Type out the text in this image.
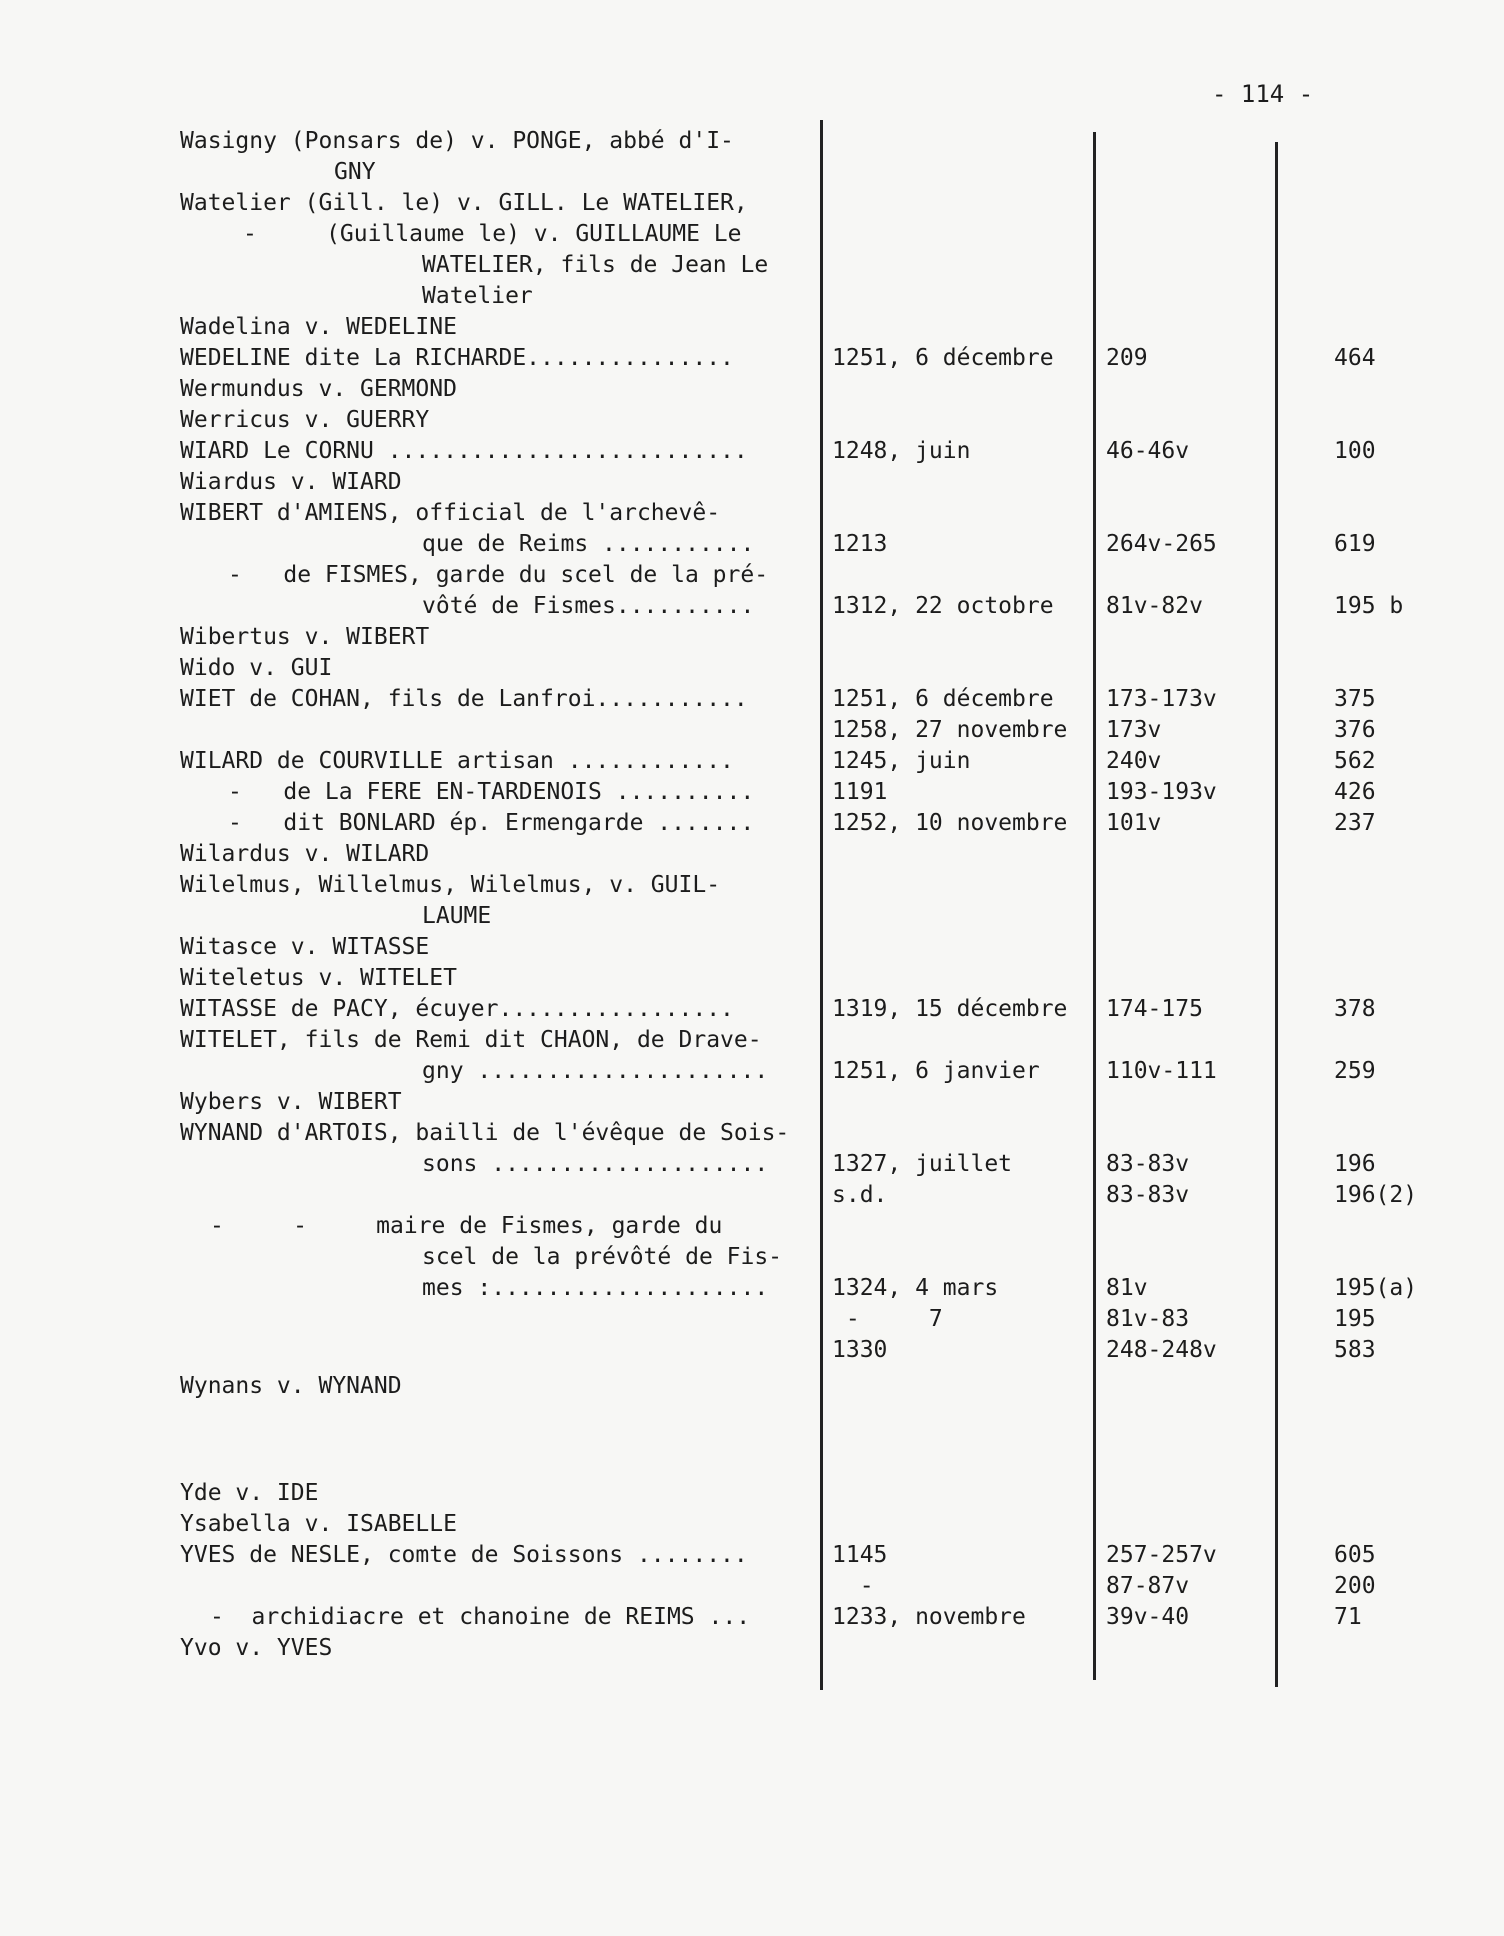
- 114 -
Wasigny (Ponsars de) v. PONGE, abbé d'I-
GNY
Watelier (Gill. le) v. GILL. Le WATELIER,
-     (Guillaume le) v. GUILLAUME Le
WATELIER, fils de Jean Le
Watelier
Wadelina v. WEDELINE
WEDELINE dite La RICHARDE...............
Wermundus v. GERMOND
Werricus v. GUERRY
WIARD Le CORNU ..........................
Wiardus v. WIARD
WIBERT d'AMIENS, official de l'archevê-
que de Reims ...........
-   de FISMES, garde du scel de la pré-
vôté de Fismes..........
Wibertus v. WIBERT
Wido v. GUI
WIET de COHAN, fils de Lanfroi...........
WILARD de COURVILLE artisan ............
-   de La FERE EN-TARDENOIS ..........
-   dit BONLARD ép. Ermengarde .......
Wilardus v. WILARD
Wilelmus, Willelmus, Wilelmus, v. GUIL-
LAUME
Witasce v. WITASSE
Witeletus v. WITELET
WITASSE de PACY, écuyer.................
WITELET, fils de Remi dit CHAON, de Drave-
gny .....................
Wybers v. WIBERT
WYNAND d'ARTOIS, bailli de l'évêque de Sois-
sons ....................
-     -     maire de Fismes, garde du
scel de la prévôté de Fis-
mes :....................
Wynans v. WYNAND
Yde v. IDE
Ysabella v. ISABELLE
YVES de NESLE, comte de Soissons ........
-  archidiacre et chanoine de REIMS ...
Yvo v. YVES
1251, 6 décembre
1248, juin
1213
1312, 22 octobre
1251, 6 décembre
1258, 27 novembre
1245, juin
1191
1252, 10 novembre
1319, 15 décembre
1251, 6 janvier
1327, juillet
s.d.
1324, 4 mars
-     7
1330
1145
-
1233, novembre
209
46-46v
264v-265
81v-82v
173-173v
173v
240v
193-193v
101v
174-175
110v-111
83-83v
83-83v
81v
81v-83
248-248v
257-257v
87-87v
39v-40
464
100
619
195 b
375
376
562
426
237
378
259
196
196(2)
195(a)
195
583
605
200
71
